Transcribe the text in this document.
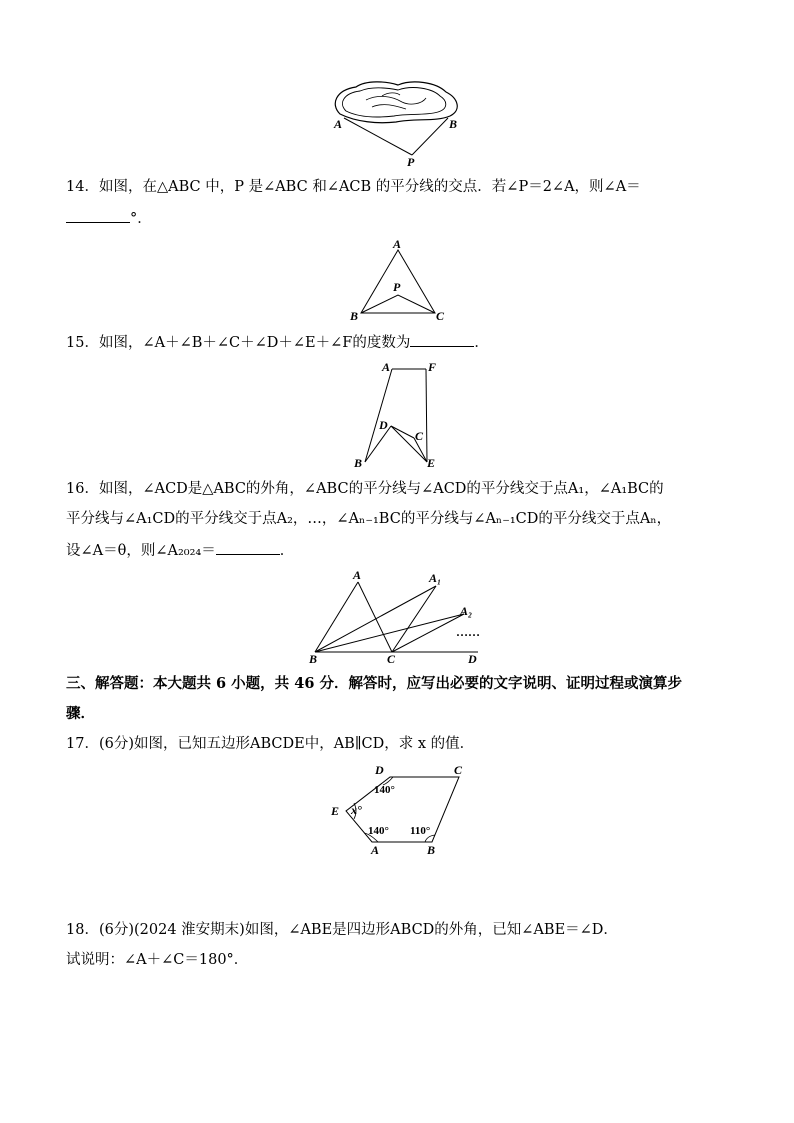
A	B
P
14．如图，在△ABC 中，P 是∠ABC 和∠ACB 的平分线的交点．若∠P＝2∠A，则∠A＝
°．
A
B	C
P
15．如图，∠A＋∠B＋∠C＋∠D＋∠E＋∠F的度数为	．
A	F
D
C
B	E
16．如图，∠ACD是△ABC的外角，∠ABC的平分线与∠ACD的平分线交于点A₁，∠A₁BC的
平分线与∠A₁CD的平分线交于点A₂，…，∠Aₙ₋₁BC的平分线与∠Aₙ₋₁CD的平分线交于点Aₙ，
设∠A＝θ，则∠A₂₀₂₄＝	．
A	A₁
A₂
……
B	C	D
三、解答题：本大题共 6 小题，共 46 分．解答时，应写出必要的文字说明、证明过程或演算步
骤．
17．(6分)如图，已知五边形ABCDE中，AB∥CD，求 x 的值．
D	C
E
A	B
x°
140°
140° 110°
18．(6分)(2024 淮安期末)如图，∠ABE是四边形ABCD的外角，已知∠ABE＝∠D．
试说明：∠A＋∠C＝180°．
